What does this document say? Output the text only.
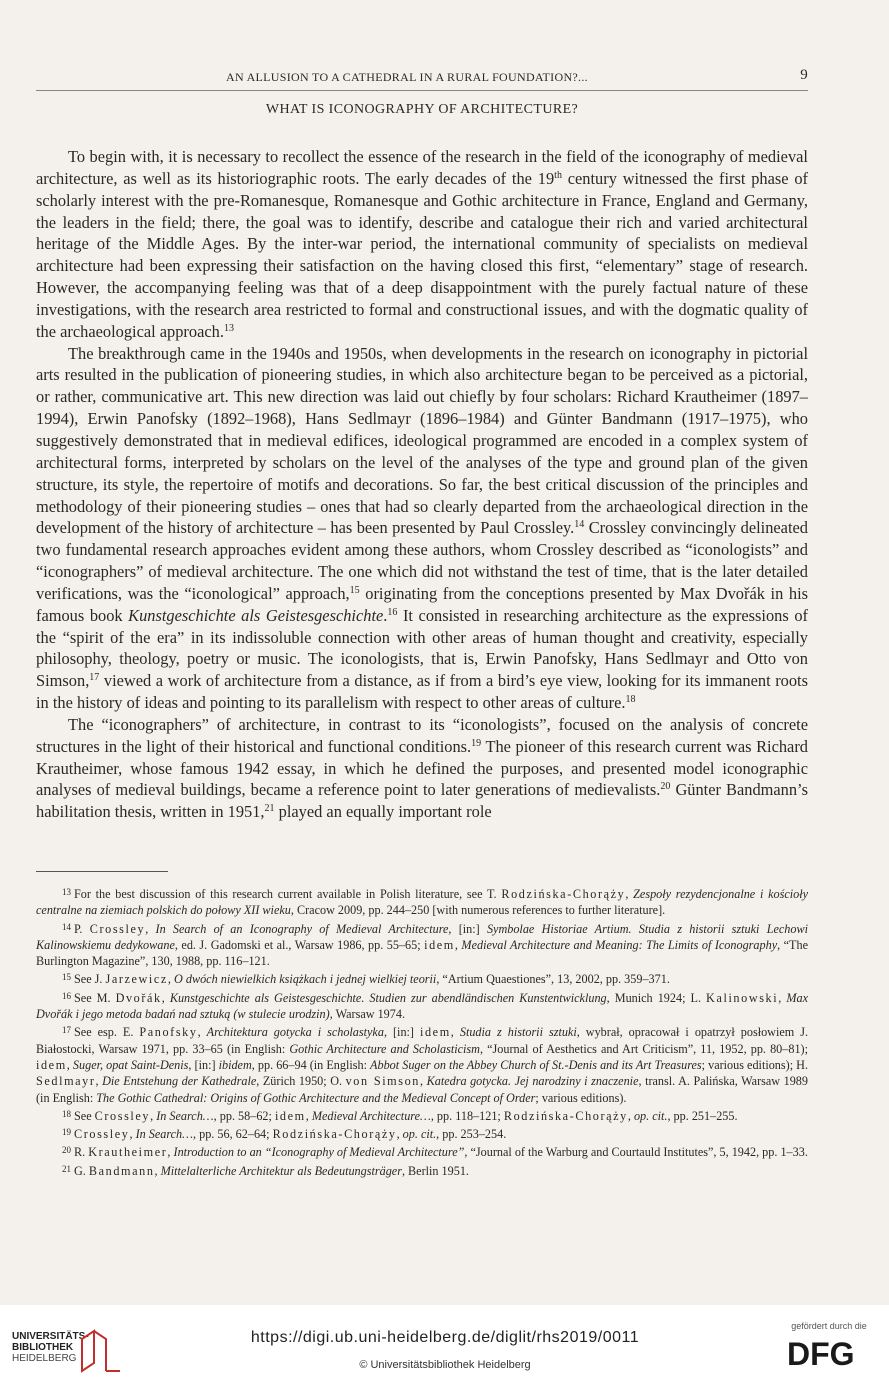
AN ALLUSION TO A CATHEDRAL IN A RURAL FOUNDATION?...	9
WHAT IS ICONOGRAPHY OF ARCHITECTURE?

To begin with, it is necessary to recollect the essence of the research in the field of the iconography of medieval architecture, as well as its historiographic roots. The early decades of the 19th century witnessed the first phase of scholarly interest with the pre-Romanesque, Romanesque and Gothic architecture in France, England and Germany, the leaders in the field; there, the goal was to identify, describe and catalogue their rich and varied architectural heritage of the Middle Ages. By the inter-war period, the international community of specialists on medieval architecture had been expressing their satisfaction on the having closed this first, “elementary” stage of research. However, the accompanying feeling was that of a deep disappointment with the purely factual nature of these investigations, with the research area restricted to formal and constructional issues, and with the dogmatic quality of the archaeological approach.$^{13}$

The breakthrough came in the 1940s and 1950s, when developments in the research on iconography in pictorial arts resulted in the publication of pioneering studies, in which also architecture began to be perceived as a pictorial, or rather, communicative art. This new direction was laid out chiefly by four scholars: Richard Krautheimer (1897–1994), Erwin Panofsky (1892–1968), Hans Sedlmayr (1896–1984) and Günter Bandmann (1917–1975), who suggestively demonstrated that in medieval edifices, ideological programmed are encoded in a complex system of architectural forms, interpreted by scholars on the level of the analyses of the type and ground plan of the given structure, its style, the repertoire of motifs and decorations. So far, the best critical discussion of the principles and methodology of their pioneering studies – ones that had so clearly departed from the archaeological direction in the development of the history of architecture – has been presented by Paul Crossley.$^{14}$ Crossley convincingly delineated two fundamental research approaches evident among these authors, whom Crossley described as “iconologists” and “iconographers” of medieval architecture. The one which did not withstand the test of time, that is the later detailed verifications, was the “iconological” approach,$^{15}$ originating from the conceptions presented by Max Dvořák in his famous book Kunstgeschichte als Geistesgeschichte.$^{16}$ It consisted in researching architecture as the expressions of the “spirit of the era” in its indissoluble connection with other areas of human thought and creativity, especially philosophy, theology, poetry or music. The iconologists, that is, Erwin Panofsky, Hans Sedlmayr and Otto von Simson,$^{17}$ viewed a work of architecture from a distance, as if from a bird’s eye view, looking for its immanent roots in the history of ideas and pointing to its parallelism with respect to other areas of culture.$^{18}$

The “iconographers” of architecture, in contrast to its “iconologists”, focused on the analysis of concrete structures in the light of their historical and functional conditions.$^{19}$ The pioneer of this research current was Richard Krautheimer, whose famous 1942 essay, in which he defined the purposes, and presented model iconographic analyses of medieval buildings, became a reference point to later generations of medievalists.$^{20}$ Günter Bandmann’s habilitation thesis, written in 1951,21 played an equally important role

$^{13}$ For the best discussion of this research current available in Polish literature, see T. Rodzińska-Chorąży, Zespoły rezydencjonalne i kościoły centralne na ziemiach polskich do połowy XII wieku, Cracow 2009, pp. 244–250 [with numerous references to further literature].

$^{14}$ P. Crossley, In Search of an Iconography of Medieval Architecture, [in:] Symbolae Historiae Artium. Studia z historii sztuki Lechowi Kalinowskiemu dedykowane, ed. J. Gadomski et al., Warsaw 1986, pp. 55–65; idem, Medieval Architecture and Meaning: The Limits of Iconography, “The Burlington Magazine”, 130, 1988, pp. 116–121.

$^{15}$ See J. Jarzewicz, O dwóch niewielkich książkach i jednej wielkiej teorii, “Artium Quaestiones”, 13, 2002, pp. 359–371.

$^{16}$ See M. Dvořák, Kunstgeschichte als Geistesgeschichte. Studien zur abendländischen Kunstentwicklung, Munich 1924; L. Kalinowski, Max Dvořák i jego metoda badań nad sztuką (w stulecie urodzin), Warsaw 1974.

$^{17}$ See esp. E. Panofsky, Architektura gotycka i scholastyka, [in:] idem, Studia z historii sztuki, wybrał, opracował i opatrzył posłowiem J. Białostocki, Warsaw 1971, pp. 33–65 (in English: Gothic Architecture and Scholasticism, “Journal of Aesthetics and Art Criticism”, 11, 1952, pp. 80–81); idem, Suger, opat Saint-Denis, [in:] ibidem, pp. 66–94 (in English: Abbot Suger on the Abbey Church of St.-Denis and its Art Treasures; various editions); H. Sedlmayr, Die Entstehung der Kathedrale, Zürich 1950; O. von Simson, Katedra gotycka. Jej narodziny i znaczenie, transl. A. Palińska, Warsaw 1989 (in English: The Gothic Cathedral: Origins of Gothic Architecture and the Medieval Concept of Order; various editions).

$^{18}$ See Crossley, In Search…, pp. 58–62; idem, Medieval Architecture…, pp. 118–121; Rodzińska-Chorąży, op. cit., pp. 251–255.

$^{19}$ Crossley, In Search…, pp. 56, 62–64; Rodzińska-Chorąży, op. cit., pp. 253–254.

$^{20}$ R. Krautheimer, Introduction to an “Iconography of Medieval Architecture”, “Journal of the Warburg and Courtauld Institutes”, 5, 1942, pp. 1–33.

$^{21}$ G. Bandmann, Mittelalterliche Architektur als Bedeutungsträger, Berlin 1951.

UNIVERSITÄTS-
BIBLIOTHEK
HEIDELBERG
https://digi.ub.uni-heidelberg.de/diglit/rhs2019/0011
© Universitätsbibliothek Heidelberg
gefördert durch die
DFG
